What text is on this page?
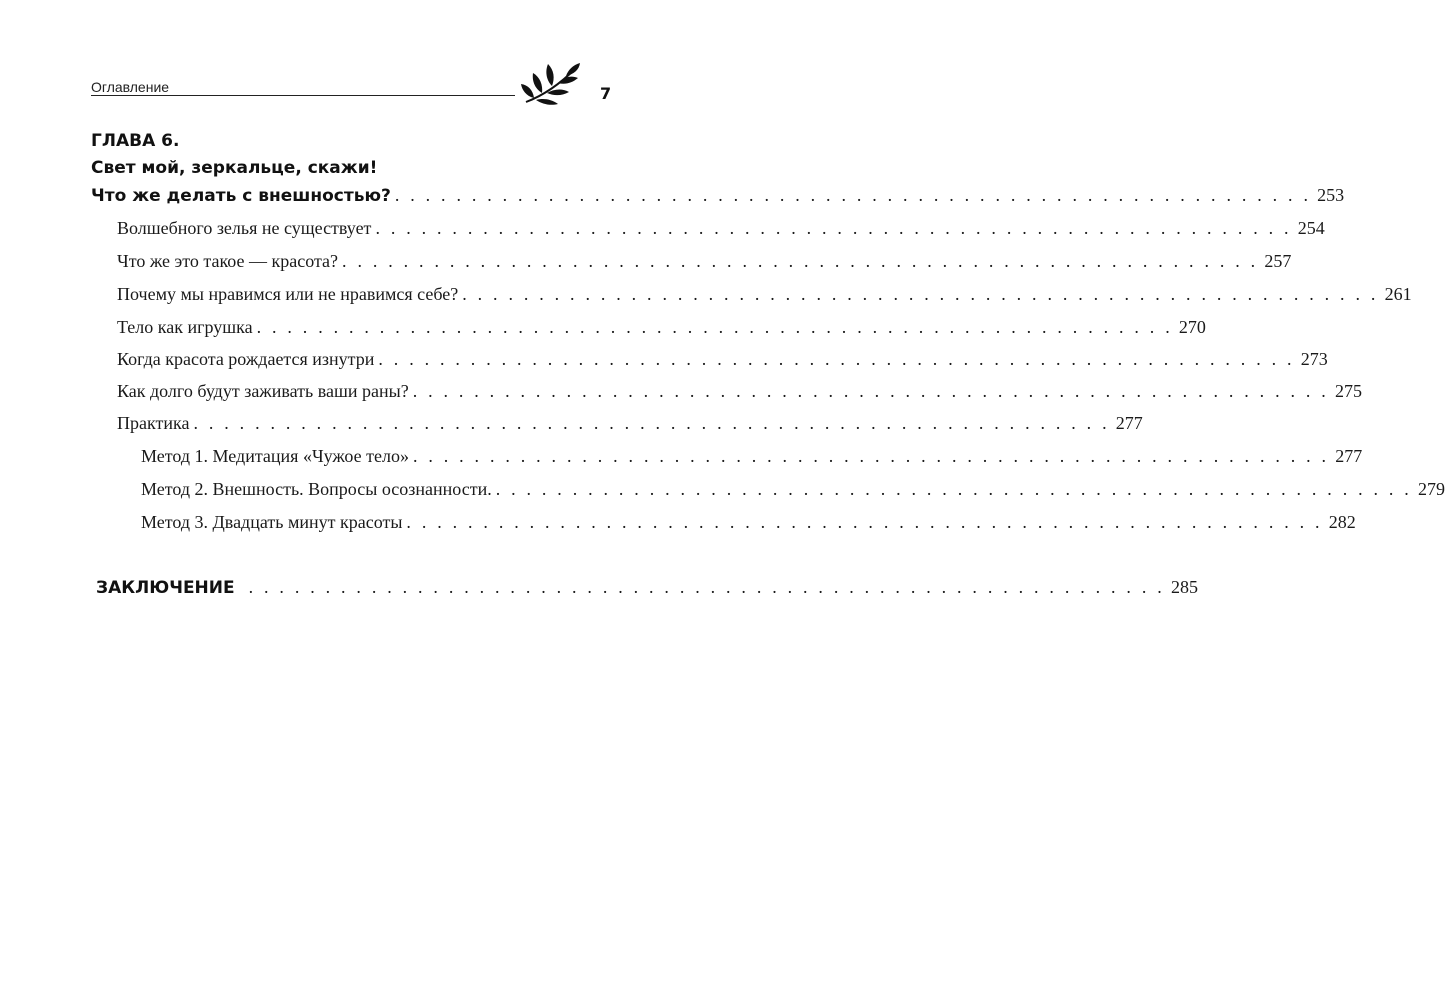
Оглавление	7
ГЛАВА 6.
Свет мой, зеркальце, скажи!
Что же делать с внешностью? . . . . . . . . . . . . . . . . . . . . . . . . . . . . . . . . . . . . . . . . . . . . . . . . . . . . . . . . . . . . 253
Волшебного зелья не существует . . . . . . . . . . . . . . . . . . . . . . . . . . . . . . . . . . . . . . . . . . . . . . . . . . . . . . . . . . . . 254
Что же это такое — красота? . . . . . . . . . . . . . . . . . . . . . . . . . . . . . . . . . . . . . . . . . . . . . . . . . . . . . . . . . . . . 257
Почему мы нравимся или не нравимся себе? . . . . . . . . . . . . . . . . . . . . . . . . . . . . . . . . . . . . . . . . . . . . . . . . . . . . . . . . . . . . 261
Тело как игрушка . . . . . . . . . . . . . . . . . . . . . . . . . . . . . . . . . . . . . . . . . . . . . . . . . . . . . . . . . . . . 270
Когда красота рождается изнутри . . . . . . . . . . . . . . . . . . . . . . . . . . . . . . . . . . . . . . . . . . . . . . . . . . . . . . . . . . . . 273
Как долго будут заживать ваши раны? . . . . . . . . . . . . . . . . . . . . . . . . . . . . . . . . . . . . . . . . . . . . . . . . . . . . . . . . . . . . 275
Практика . . . . . . . . . . . . . . . . . . . . . . . . . . . . . . . . . . . . . . . . . . . . . . . . . . . . . . . . . . . . 277
Метод 1. Медитация «Чужое тело» . . . . . . . . . . . . . . . . . . . . . . . . . . . . . . . . . . . . . . . . . . . . . . . . . . . . . . . . . . . . 277
Метод 2. Внешность. Вопросы осознанности. . . . . . . . . . . . . . . . . . . . . . . . . . . . . . . . . . . . . . . . . . . . . . . . . . . . . . . . . . . . . 279
Метод 3. Двадцать минут красоты . . . . . . . . . . . . . . . . . . . . . . . . . . . . . . . . . . . . . . . . . . . . . . . . . . . . . . . . . . . . 282
ЗАКЛЮЧЕНИЕ . . . . . . . . . . . . . . . . . . . . . . . . . . . . . . . . . . . . . . . . . . . . . . . . . . . . . . . . . . . . 285
